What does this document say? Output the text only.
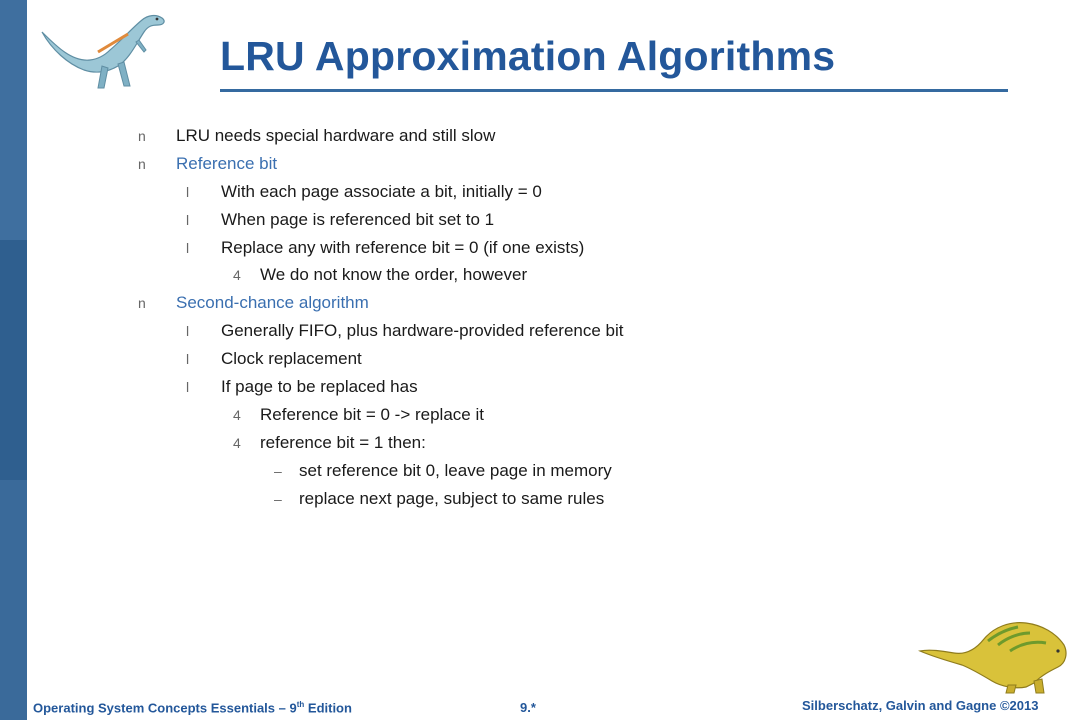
LRU Approximation Algorithms
n LRU needs special hardware and still slow
n Reference bit
l With each page associate a bit, initially = 0
l When page is referenced bit set to 1
l Replace any with reference bit = 0 (if one exists)
4 We do not know the order, however
n Second-chance algorithm
l Generally FIFO, plus hardware-provided reference bit
l Clock replacement
l If page to be replaced has
4 Reference bit = 0 -> replace it
4 reference bit = 1 then:
– set reference bit 0, leave page in memory
– replace next page, subject to same rules
Operating System Concepts Essentials – 9th Edition	9.*	Silberschatz, Galvin and Gagne ©2013
